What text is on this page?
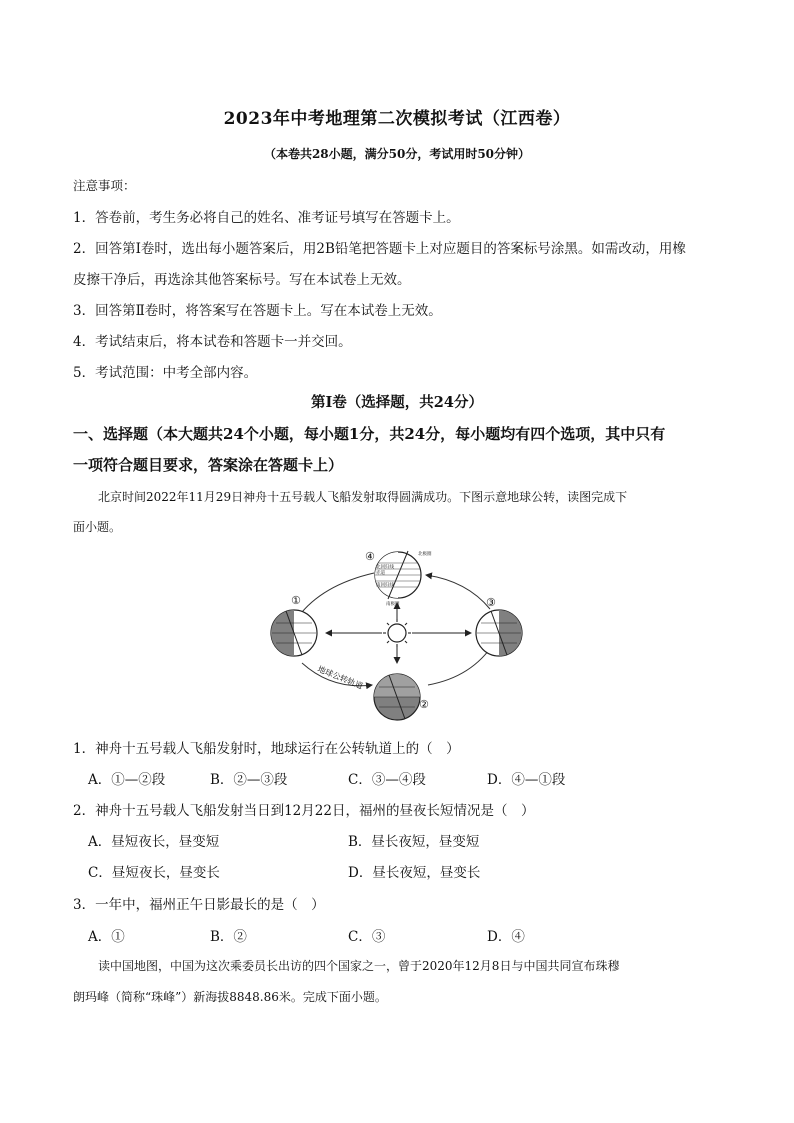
2023年中考地理第二次模拟考试（江西卷）
（本卷共28小题，满分50分，考试用时50分钟）
注意事项：
1．答卷前，考生务必将自己的姓名、准考证号填写在答题卡上。
2．回答第Ⅰ卷时，选出每小题答案后，用2B铅笔把答题卡上对应题目的答案标号涂黑。如需改动，用橡
皮擦干净后，再选涂其他答案标号。写在本试卷上无效。
3．回答第Ⅱ卷时，将答案写在答题卡上。写在本试卷上无效。
4．考试结束后，将本试卷和答题卡一并交回。
5．考试范围：中考全部内容。
第Ⅰ卷（选择题，共24分）
一、选择题（本大题共24个小题，每小题1分，共24分，每小题均有四个选项，其中只有
一项符合题目要求，答案涂在答题卡上）
北京时间2022年11月29日神舟十五号载人飞船发射取得圆满成功。下图示意地球公转，读图完成下
面小题。
北极圈
北回归线
赤道
南回归线
南极圈
④
①	③
②
地球公转轨道
1．神舟十五号载人飞船发射时，地球运行在公转轨道上的（　）
A．①—②段	B．②—③段	C．③—④段	D．④—①段
2．神舟十五号载人飞船发射当日到12月22日，福州的昼夜长短情况是（　）
A．昼短夜长，昼变短	B．昼长夜短，昼变短
C．昼短夜长，昼变长	D．昼长夜短，昼变长
3．一年中，福州正午日影最长的是（　）
A．①	B．②	C．③	D．④
读中国地图，中国为这次乘委员长出访的四个国家之一，曾于2020年12月8日与中国共同宣布珠穆
朗玛峰（简称“珠峰”）新海拔8848.86米。完成下面小题。
